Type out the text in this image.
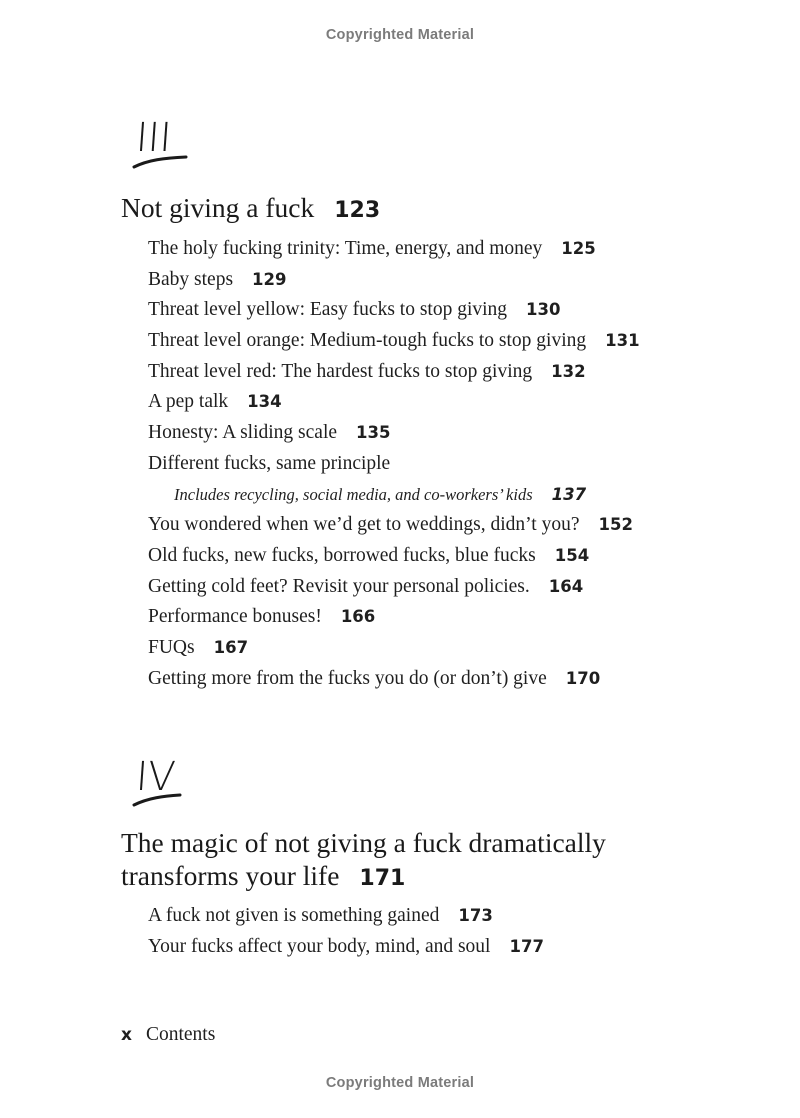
Copyrighted Material
III
Not giving a fuck 123
The holy fucking trinity: Time, energy, and money 125
Baby steps 129
Threat level yellow: Easy fucks to stop giving 130
Threat level orange: Medium-tough fucks to stop giving 131
Threat level red: The hardest fucks to stop giving 132
A pep talk 134
Honesty: A sliding scale 135
Different fucks, same principle
Includes recycling, social media, and co-workers’ kids 137
You wondered when we’d get to weddings, didn’t you? 152
Old fucks, new fucks, borrowed fucks, blue fucks 154
Getting cold feet? Revisit your personal policies. 164
Performance bonuses! 166
FUQs 167
Getting more from the fucks you do (or don’t) give 170
IV
The magic of not giving a fuck dramatically
transforms your life 171
A fuck not given is something gained 173
Your fucks affect your body, mind, and soul 177
x Contents
Copyrighted Material
